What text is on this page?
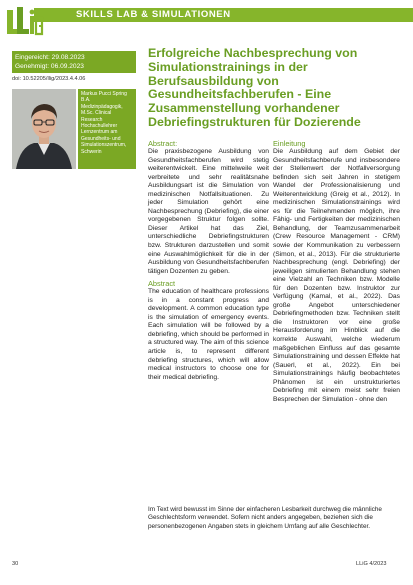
SKILLS LAB & SIMULATIONEN
Eingereicht: 29.08.2023
Genehmigt: 06.09.2023
doi: 10.52205/llig/2023.4.4.06
Markus Pucci Spring B.A. Medizinpädagogik, M.Sc. Clinical Research Hochschullehrer Lernzentrum am Gesundheits- und Simulationszentrum, Schwerin
Erfolgreiche Nachbesprechung von Simulationstrainings in der Berufsausbildung von Gesundheitsfachberufen - Eine Zusammenstellung vorhandener Debriefingstrukturen für Dozierende

Abstract:

Die praxisbezogene Ausbildung von Gesundheitsfachberufen wird stetig weiterentwickelt. Eine mittelweile weit verbreitete und sehr realitätsnahe Ausbildungsart ist die Simulation von medizinischen Notfallsituationen. Zu jeder Simulation gehört eine Nachbesprechung (Debriefing), die einer vorgegebenen Struktur folgen sollte. Dieser Artikel hat das Ziel, unterschiedliche Debriefingstrukturen bzw. Strukturen darzustellen und somit eine Auswahlmöglichkeit für die in der Ausbildung von Gesundheitsfachberufen tätigen Dozenten zu geben.

Abstract

The education of healthcare professions is in a constant progress and development. A common education type is the simulation of emergency events. Each simulation will be followed by a debriefing, which should be performed in a structured way. The aim of this science article is, to represent different debriefing structures, which will allow medical instructors to choose one for their medical debriefing.

Einleitung

Die Ausbildung auf dem Gebiet der Gesundheitsfachberufe und insbesondere der Stellenwert der Notfallversorgung befinden sich seit Jahren in stetigem Wandel der Professionalisierung und Weiterentwicklung (Greig et al., 2012). In medizinischen Simulationstrainings wird es für die Teilnehmenden möglich, ihre Fähig- und Fertigkeiten der medizinischen Behandlung, der Teamzusammenarbeit (Crew Resource Management - CRM) sowie der Kommunikation zu verbessern (Simon, et al., 2013). Für die strukturierte Nachbesprechung (engl. Debriefing) der jeweiligen simulierten Behandlung stehen eine Vielzahl an Techniken bzw. Modelle für den Dozenten bzw. Instruktor zur Verfügung (Kamal, et al., 2022). Das große Angebot unterschiedener Debriefingmethoden bzw. Techniken stellt die Instruktoren vor eine große Herausforderung im Hinblick auf die korrekte Auswahl, welche wiederum maßgeblichen Einfluss auf das gesamte Simulationstraining und dessen Effekte hat (Sauerl, et al., 2022). Ein bei Simulationstrainings häufig beobachtetes Phänomen ist ein unstrukturiertes Debriefing mit einem meist sehr freien Besprechen der Simulation - ohne den

Im Text wird bewusst im Sinne der einfacheren Lesbarkeit durchweg die männliche Geschlechtsform verwendet. Sofern nicht anders angegeben, beziehen sich die personenbezogenen Angaben stets in gleichem Umfang auf alle Geschlechter.
30	LLiG 4/2023
